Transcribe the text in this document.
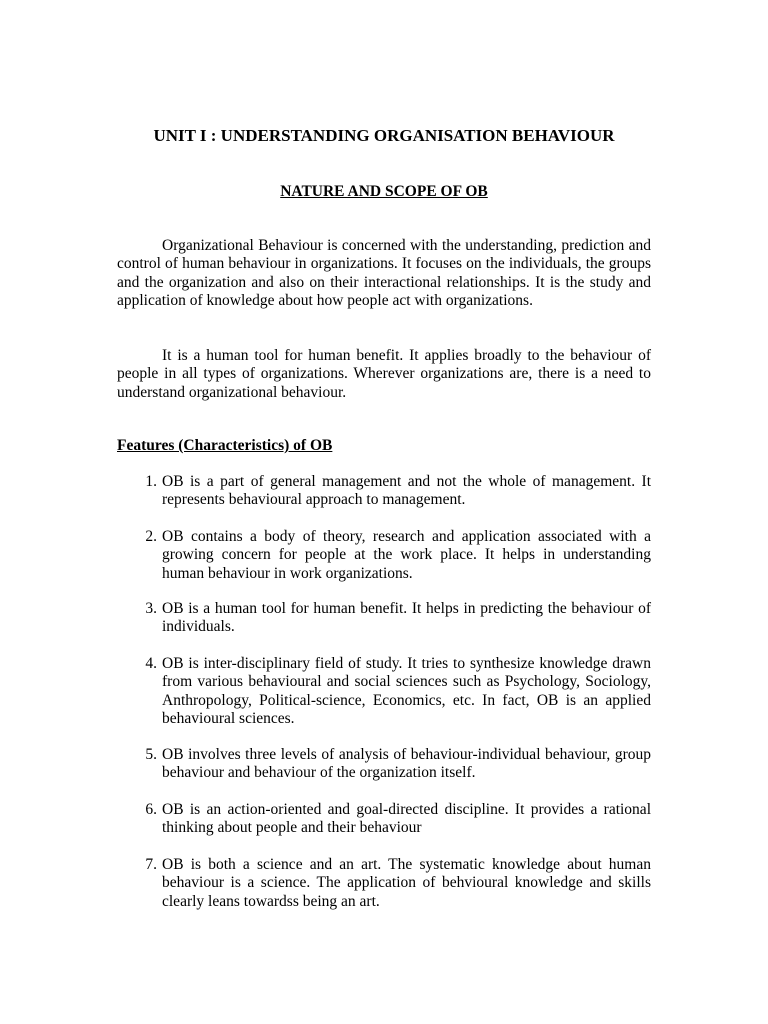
UNIT I : UNDERSTANDING ORGANISATION BEHAVIOUR
NATURE AND SCOPE OF OB

Organizational Behaviour is concerned with the understanding, prediction and control of human behaviour in organizations. It focuses on the individuals, the groups and the organization and also on their interactional relationships. It is the study and application of knowledge about how people act with organizations.

It is a human tool for human benefit. It applies broadly to the behaviour of people in all types of organizations. Wherever organizations are, there is a need to understand organizational behaviour.

Features (Characteristics) of OB
1. OB is a part of general management and not the whole of management. It represents behavioural approach to management.

2. OB contains a body of theory, research and application associated with a growing concern for people at the work place. It helps in understanding human behaviour in work organizations.

3. OB is a human tool for human benefit. It helps in predicting the behaviour of individuals.

4. OB is inter-disciplinary field of study. It tries to synthesize knowledge drawn from various behavioural and social sciences such as Psychology, Sociology, Anthropology, Political-science, Economics, etc. In fact, OB is an applied behavioural sciences.

5. OB involves three levels of analysis of behaviour-individual behaviour, group behaviour and behaviour of the organization itself.

6. OB is an action-oriented and goal-directed discipline. It provides a rational thinking about people and their behaviour

7. OB is both a science and an art. The systematic knowledge about human behaviour is a science. The application of behvioural knowledge and skills clearly leans towardss being an art.
